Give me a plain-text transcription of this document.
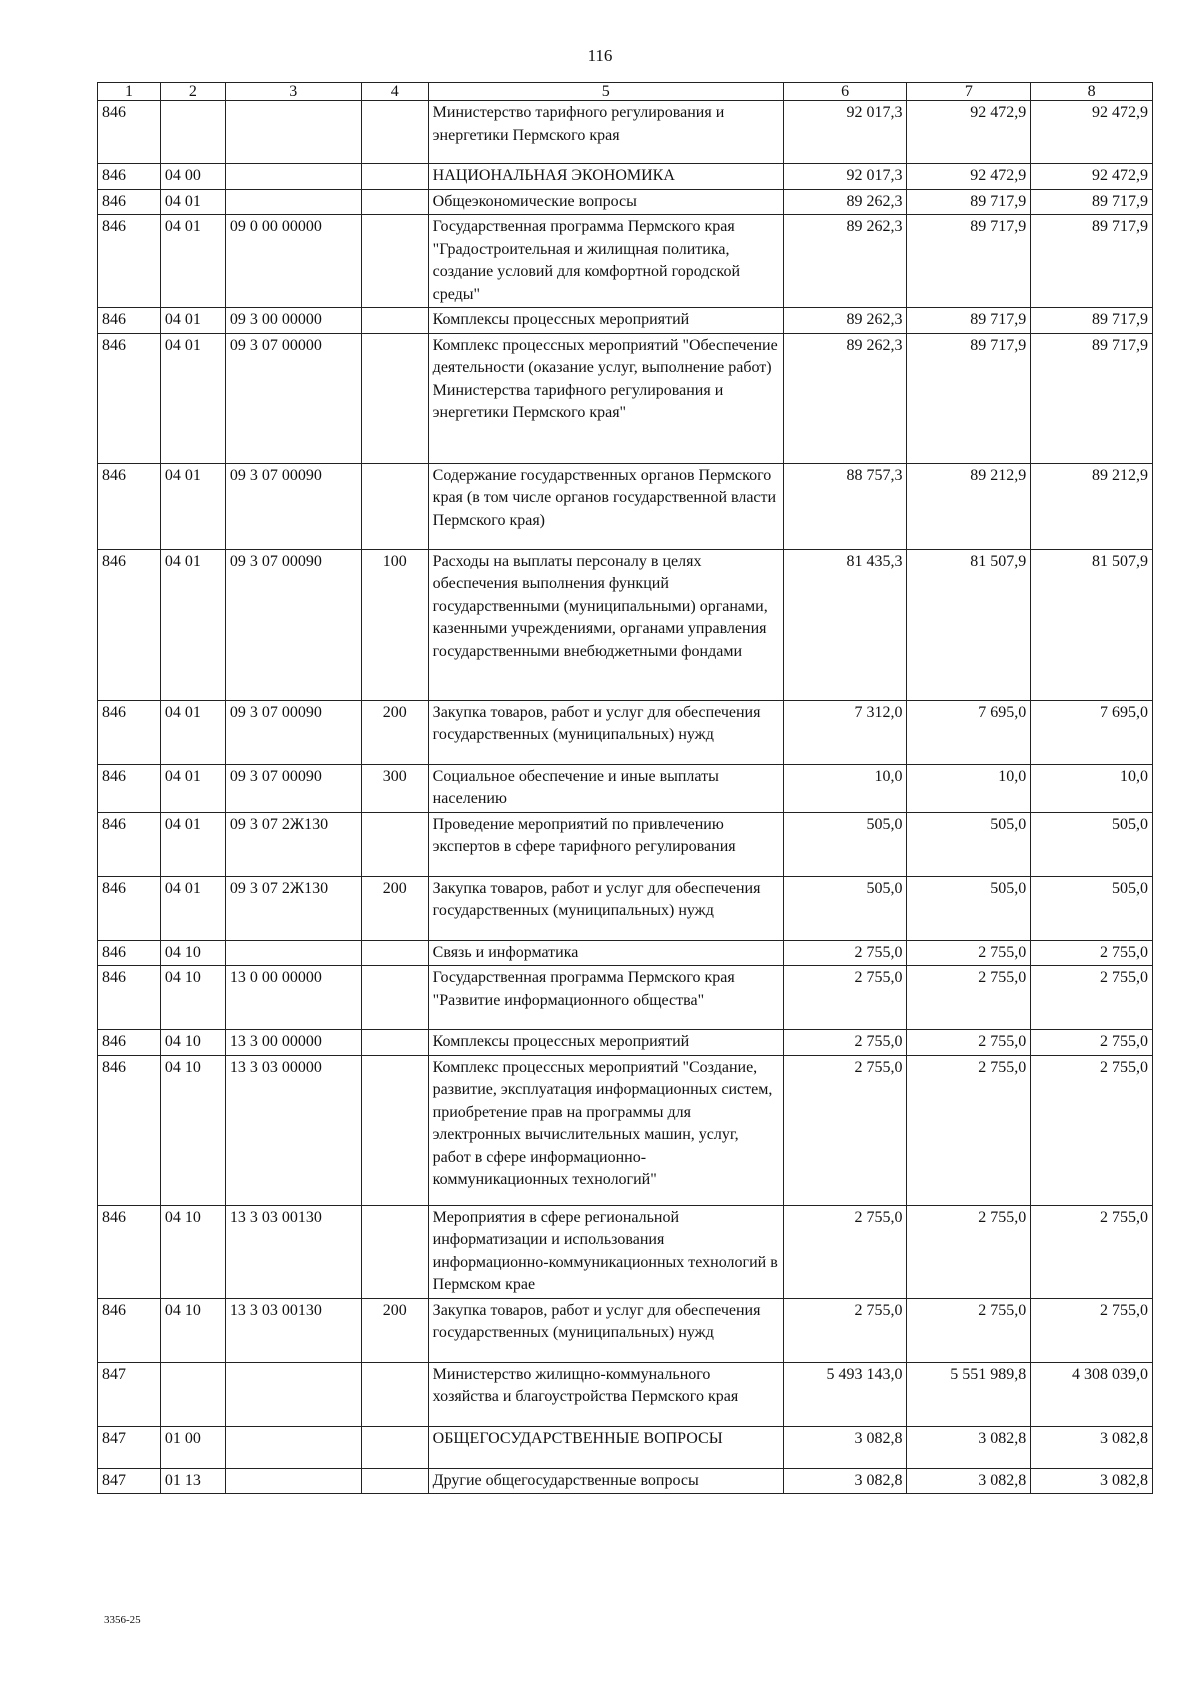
116
1	2	3	4	5	6	7	8
846				Министерство тарифного регулирования и энергетики Пермского края	92 017,3	92 472,9	92 472,9
846	04 00			НАЦИОНАЛЬНАЯ ЭКОНОМИКА	92 017,3	92 472,9	92 472,9
846	04 01			Общеэкономические вопросы	89 262,3	89 717,9	89 717,9
846	04 01	09 0 00 00000		Государственная программа Пермского края "Градостроительная и жилищная политика, создание условий для комфортной городской среды"	89 262,3	89 717,9	89 717,9
846	04 01	09 3 00 00000		Комплексы процессных мероприятий	89 262,3	89 717,9	89 717,9
846	04 01	09 3 07 00000		Комплекс процессных мероприятий "Обеспечение деятельности (оказание услуг, выполнение работ) Министерства тарифного регулирования и энергетики Пермского края"	89 262,3	89 717,9	89 717,9
846	04 01	09 3 07 00090		Содержание государственных органов Пермского края (в том числе органов государственной власти Пермского края)	88 757,3	89 212,9	89 212,9
846	04 01	09 3 07 00090	100	Расходы на выплаты персоналу в целях обеспечения выполнения функций государственными (муниципальными) органами, казенными учреждениями, органами управления государственными внебюджетными фондами	81 435,3	81 507,9	81 507,9
846	04 01	09 3 07 00090	200	Закупка товаров, работ и услуг для обеспечения государственных (муниципальных) нужд	7 312,0	7 695,0	7 695,0
846	04 01	09 3 07 00090	300	Социальное обеспечение и иные выплаты населению	10,0	10,0	10,0
846	04 01	09 3 07 2Ж130		Проведение мероприятий по привлечению экспертов в сфере тарифного регулирования	505,0	505,0	505,0
846	04 01	09 3 07 2Ж130	200	Закупка товаров, работ и услуг для обеспечения государственных (муниципальных) нужд	505,0	505,0	505,0
846	04 10			Связь и информатика	2 755,0	2 755,0	2 755,0
846	04 10	13 0 00 00000		Государственная программа Пермского края "Развитие информационного общества"	2 755,0	2 755,0	2 755,0
846	04 10	13 3 00 00000		Комплексы процессных мероприятий	2 755,0	2 755,0	2 755,0
846	04 10	13 3 03 00000		Комплекс процессных мероприятий "Создание, развитие, эксплуатация информационных систем, приобретение прав на программы для электронных вычислительных машин, услуг, работ в сфере информационно-коммуникационных технологий"	2 755,0	2 755,0	2 755,0
846	04 10	13 3 03 00130		Мероприятия в сфере региональной информатизации и использования информационно-коммуникационных технологий в Пермском крае	2 755,0	2 755,0	2 755,0
846	04 10	13 3 03 00130	200	Закупка товаров, работ и услуг для обеспечения государственных (муниципальных) нужд	2 755,0	2 755,0	2 755,0
847				Министерство жилищно-коммунального хозяйства и благоустройства Пермского края	5 493 143,0	5 551 989,8	4 308 039,0
847	01 00			ОБЩЕГОСУДАРСТВЕННЫЕ ВОПРОСЫ	3 082,8	3 082,8	3 082,8
847	01 13			Другие общегосударственные вопросы	3 082,8	3 082,8	3 082,8
3356-25
